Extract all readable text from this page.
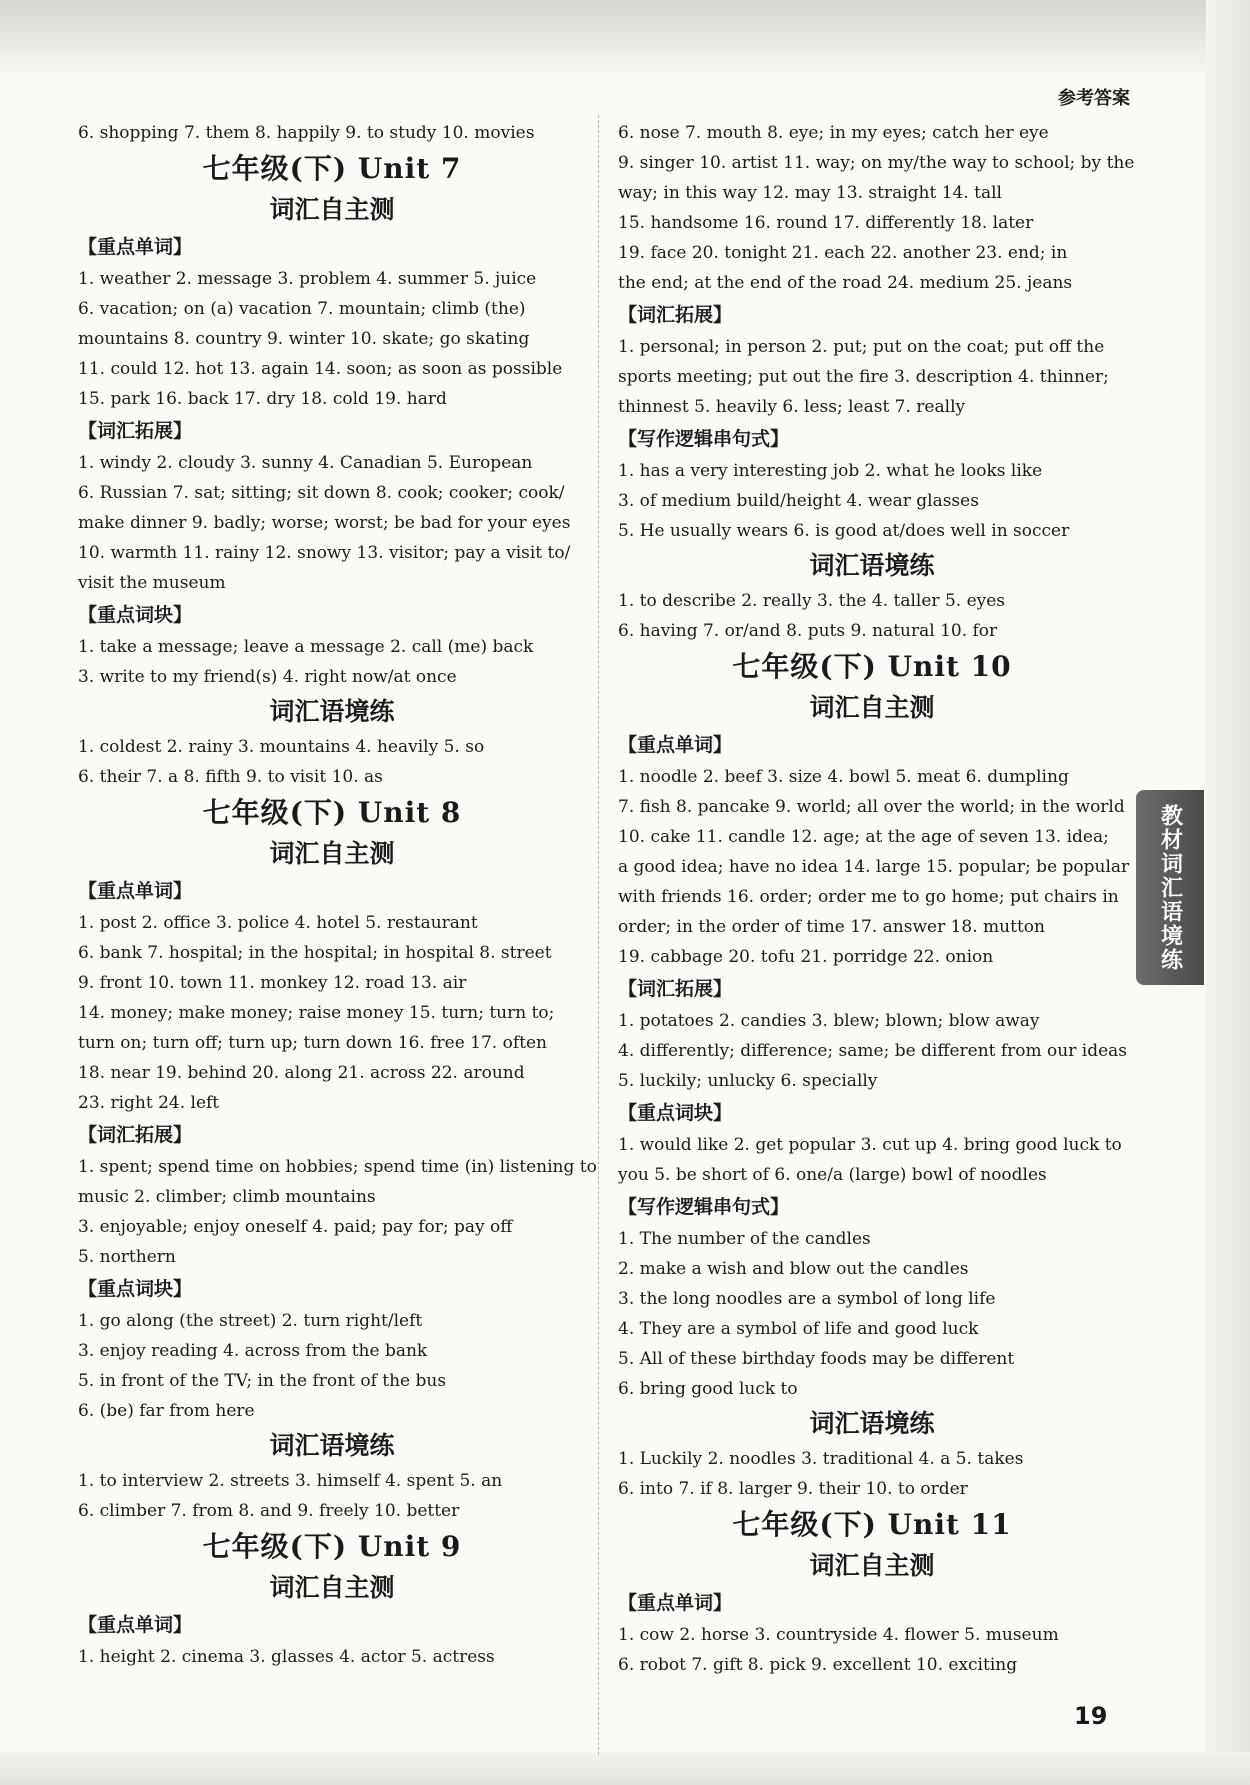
参考答案
6. shopping 7. them 8. happily 9. to study 10. movies
七年级(下) Unit 7
词汇自主测
【重点单词】
1. weather 2. message 3. problem 4. summer 5. juice
6. vacation; on (a) vacation 7. mountain; climb (the)
mountains 8. country 9. winter 10. skate; go skating
11. could 12. hot 13. again 14. soon; as soon as possible
15. park 16. back 17. dry 18. cold 19. hard
【词汇拓展】
1. windy 2. cloudy 3. sunny 4. Canadian 5. European
6. Russian 7. sat; sitting; sit down 8. cook; cooker; cook/
make dinner 9. badly; worse; worst; be bad for your eyes
10. warmth 11. rainy 12. snowy 13. visitor; pay a visit to/
visit the museum
【重点词块】
1. take a message; leave a message 2. call (me) back
3. write to my friend(s) 4. right now/at once
词汇语境练
1. coldest 2. rainy 3. mountains 4. heavily 5. so
6. their 7. a 8. fifth 9. to visit 10. as
七年级(下) Unit 8
词汇自主测
【重点单词】
1. post 2. office 3. police 4. hotel 5. restaurant
6. bank 7. hospital; in the hospital; in hospital 8. street
9. front 10. town 11. monkey 12. road 13. air
14. money; make money; raise money 15. turn; turn to;
turn on; turn off; turn up; turn down 16. free 17. often
18. near 19. behind 20. along 21. across 22. around
23. right 24. left
【词汇拓展】
1. spent; spend time on hobbies; spend time (in) listening to
music 2. climber; climb mountains
3. enjoyable; enjoy oneself 4. paid; pay for; pay off
5. northern
【重点词块】
1. go along (the street) 2. turn right/left
3. enjoy reading 4. across from the bank
5. in front of the TV; in the front of the bus
6. (be) far from here
词汇语境练
1. to interview 2. streets 3. himself 4. spent 5. an
6. climber 7. from 8. and 9. freely 10. better
七年级(下) Unit 9
词汇自主测
【重点单词】
1. height 2. cinema 3. glasses 4. actor 5. actress
6. nose 7. mouth 8. eye; in my eyes; catch her eye
9. singer 10. artist 11. way; on my/the way to school; by the
way; in this way 12. may 13. straight 14. tall
15. handsome 16. round 17. differently 18. later
19. face 20. tonight 21. each 22. another 23. end; in
the end; at the end of the road 24. medium 25. jeans
【词汇拓展】
1. personal; in person 2. put; put on the coat; put off the
sports meeting; put out the fire 3. description 4. thinner;
thinnest 5. heavily 6. less; least 7. really
【写作逻辑串句式】
1. has a very interesting job 2. what he looks like
3. of medium build/height 4. wear glasses
5. He usually wears 6. is good at/does well in soccer
词汇语境练
1. to describe 2. really 3. the 4. taller 5. eyes
6. having 7. or/and 8. puts 9. natural 10. for
七年级(下) Unit 10
词汇自主测
【重点单词】
1. noodle 2. beef 3. size 4. bowl 5. meat 6. dumpling
7. fish 8. pancake 9. world; all over the world; in the world
10. cake 11. candle 12. age; at the age of seven 13. idea;
a good idea; have no idea 14. large 15. popular; be popular
with friends 16. order; order me to go home; put chairs in
order; in the order of time 17. answer 18. mutton
19. cabbage 20. tofu 21. porridge 22. onion
【词汇拓展】
1. potatoes 2. candies 3. blew; blown; blow away
4. differently; difference; same; be different from our ideas
5. luckily; unlucky 6. specially
【重点词块】
1. would like 2. get popular 3. cut up 4. bring good luck to
you 5. be short of 6. one/a (large) bowl of noodles
【写作逻辑串句式】
1. The number of the candles
2. make a wish and blow out the candles
3. the long noodles are a symbol of long life
4. They are a symbol of life and good luck
5. All of these birthday foods may be different
6. bring good luck to
词汇语境练
1. Luckily 2. noodles 3. traditional 4. a 5. takes
6. into 7. if 8. larger 9. their 10. to order
七年级(下) Unit 11
词汇自主测
【重点单词】
1. cow 2. horse 3. countryside 4. flower 5. museum
6. robot 7. gift 8. pick 9. excellent 10. exciting
教材词汇语境练
19
